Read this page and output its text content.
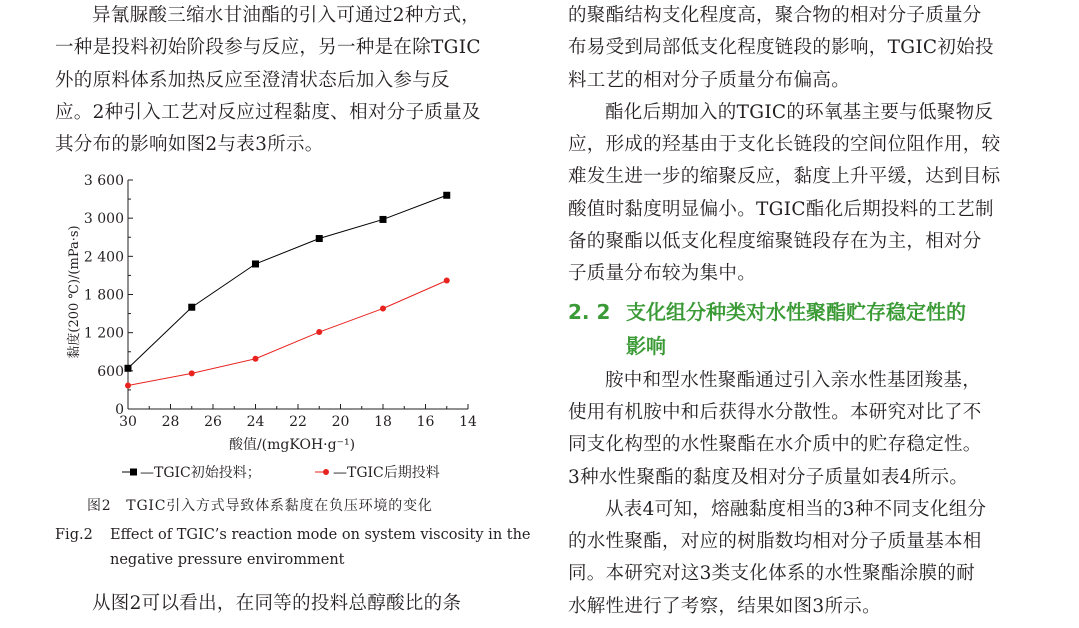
异氰脲酸三缩水甘油酯的引入可通过2种方式，
一种是投料初始阶段参与反应，另一种是在除TGIC
外的原料体系加热反应至澄清状态后加入参与反
应。2种引入工艺对反应过程黏度、相对分子质量及
其分布的影响如图2与表3所示。

30 28 26 24 22 20 18 16 14
0
600
1 200
1 800
2 400
3 000
3 600
—TGIC初始投料；	—TGIC后期投料
酸值/(mgKOH·g⁻¹)
黏度(200 ℃)/(mPa·s)
图2　TGIC引入方式导致体系黏度在负压环境的变化
Fig.2 Effect of TGIC’s reaction mode on system viscosity in the
negative pressure enviromment

从图2可以看出，在同等的投料总醇酸比的条

的聚酯结构支化程度高，聚合物的相对分子质量分
布易受到局部低支化程度链段的影响，TGIC初始投
料工艺的相对分子质量分布偏高。

酯化后期加入的TGIC的环氧基主要与低聚物反
应，形成的羟基由于支化长链段的空间位阻作用，较
难发生进一步的缩聚反应，黏度上升平缓，达到目标
酸值时黏度明显偏小。TGIC酯化后期投料的工艺制
备的聚酯以低支化程度缩聚链段存在为主，相对分
子质量分布较为集中。

2. 2 支化组分种类对水性聚酯贮存稳定性的
影响

胺中和型水性聚酯通过引入亲水性基团羧基，
使用有机胺中和后获得水分散性。本研究对比了不
同支化构型的水性聚酯在水介质中的贮存稳定性。
3种水性聚酯的黏度及相对分子质量如表4所示。

从表4可知，熔融黏度相当的3种不同支化组分
的水性聚酯，对应的树脂数均相对分子质量基本相
同。本研究对这3类支化体系的水性聚酯涂膜的耐
水解性进行了考察，结果如图3所示。
